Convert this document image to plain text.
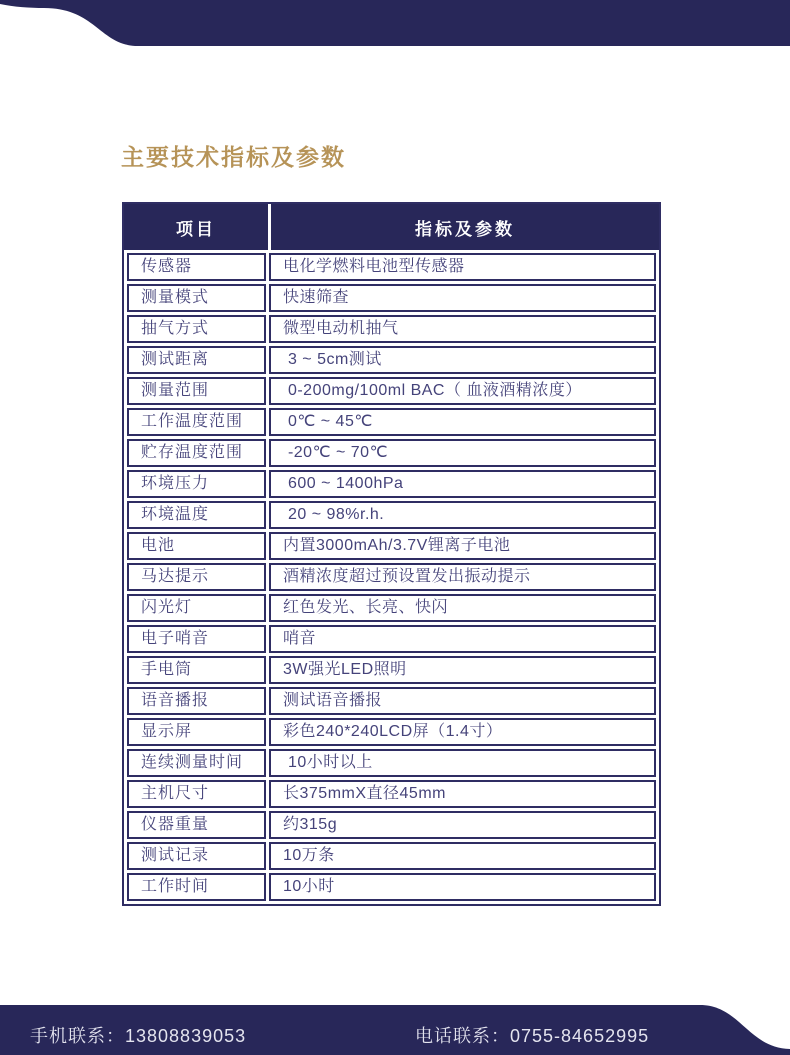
主要技术指标及参数
项目	指标及参数
传感器	电化学燃料电池型传感器
测量模式	快速筛查
抽气方式	微型电动机抽气
测试距离	3 ~ 5cm测试
测量范围	0-200mg/100ml BAC（ 血液酒精浓度）
工作温度范围	0℃ ~ 45℃
贮存温度范围	-20℃ ~ 70℃
环境压力	600 ~ 1400hPa
环境温度	20 ~ 98%r.h.
电池	内置3000mAh/3.7V锂离子电池
马达提示	酒精浓度超过预设置发出振动提示
闪光灯	红色发光、长亮、快闪
电子哨音	哨音
手电筒	3W强光LED照明
语音播报	测试语音播报
显示屏	彩色240*240LCD屏（1.4寸）
连续测量时间	10小时以上
主机尺寸	长375mmX直径45mm
仪器重量	约315g
测试记录	10万条
工作时间	10小时
手机联系：13808839053	电话联系：0755-84652995
